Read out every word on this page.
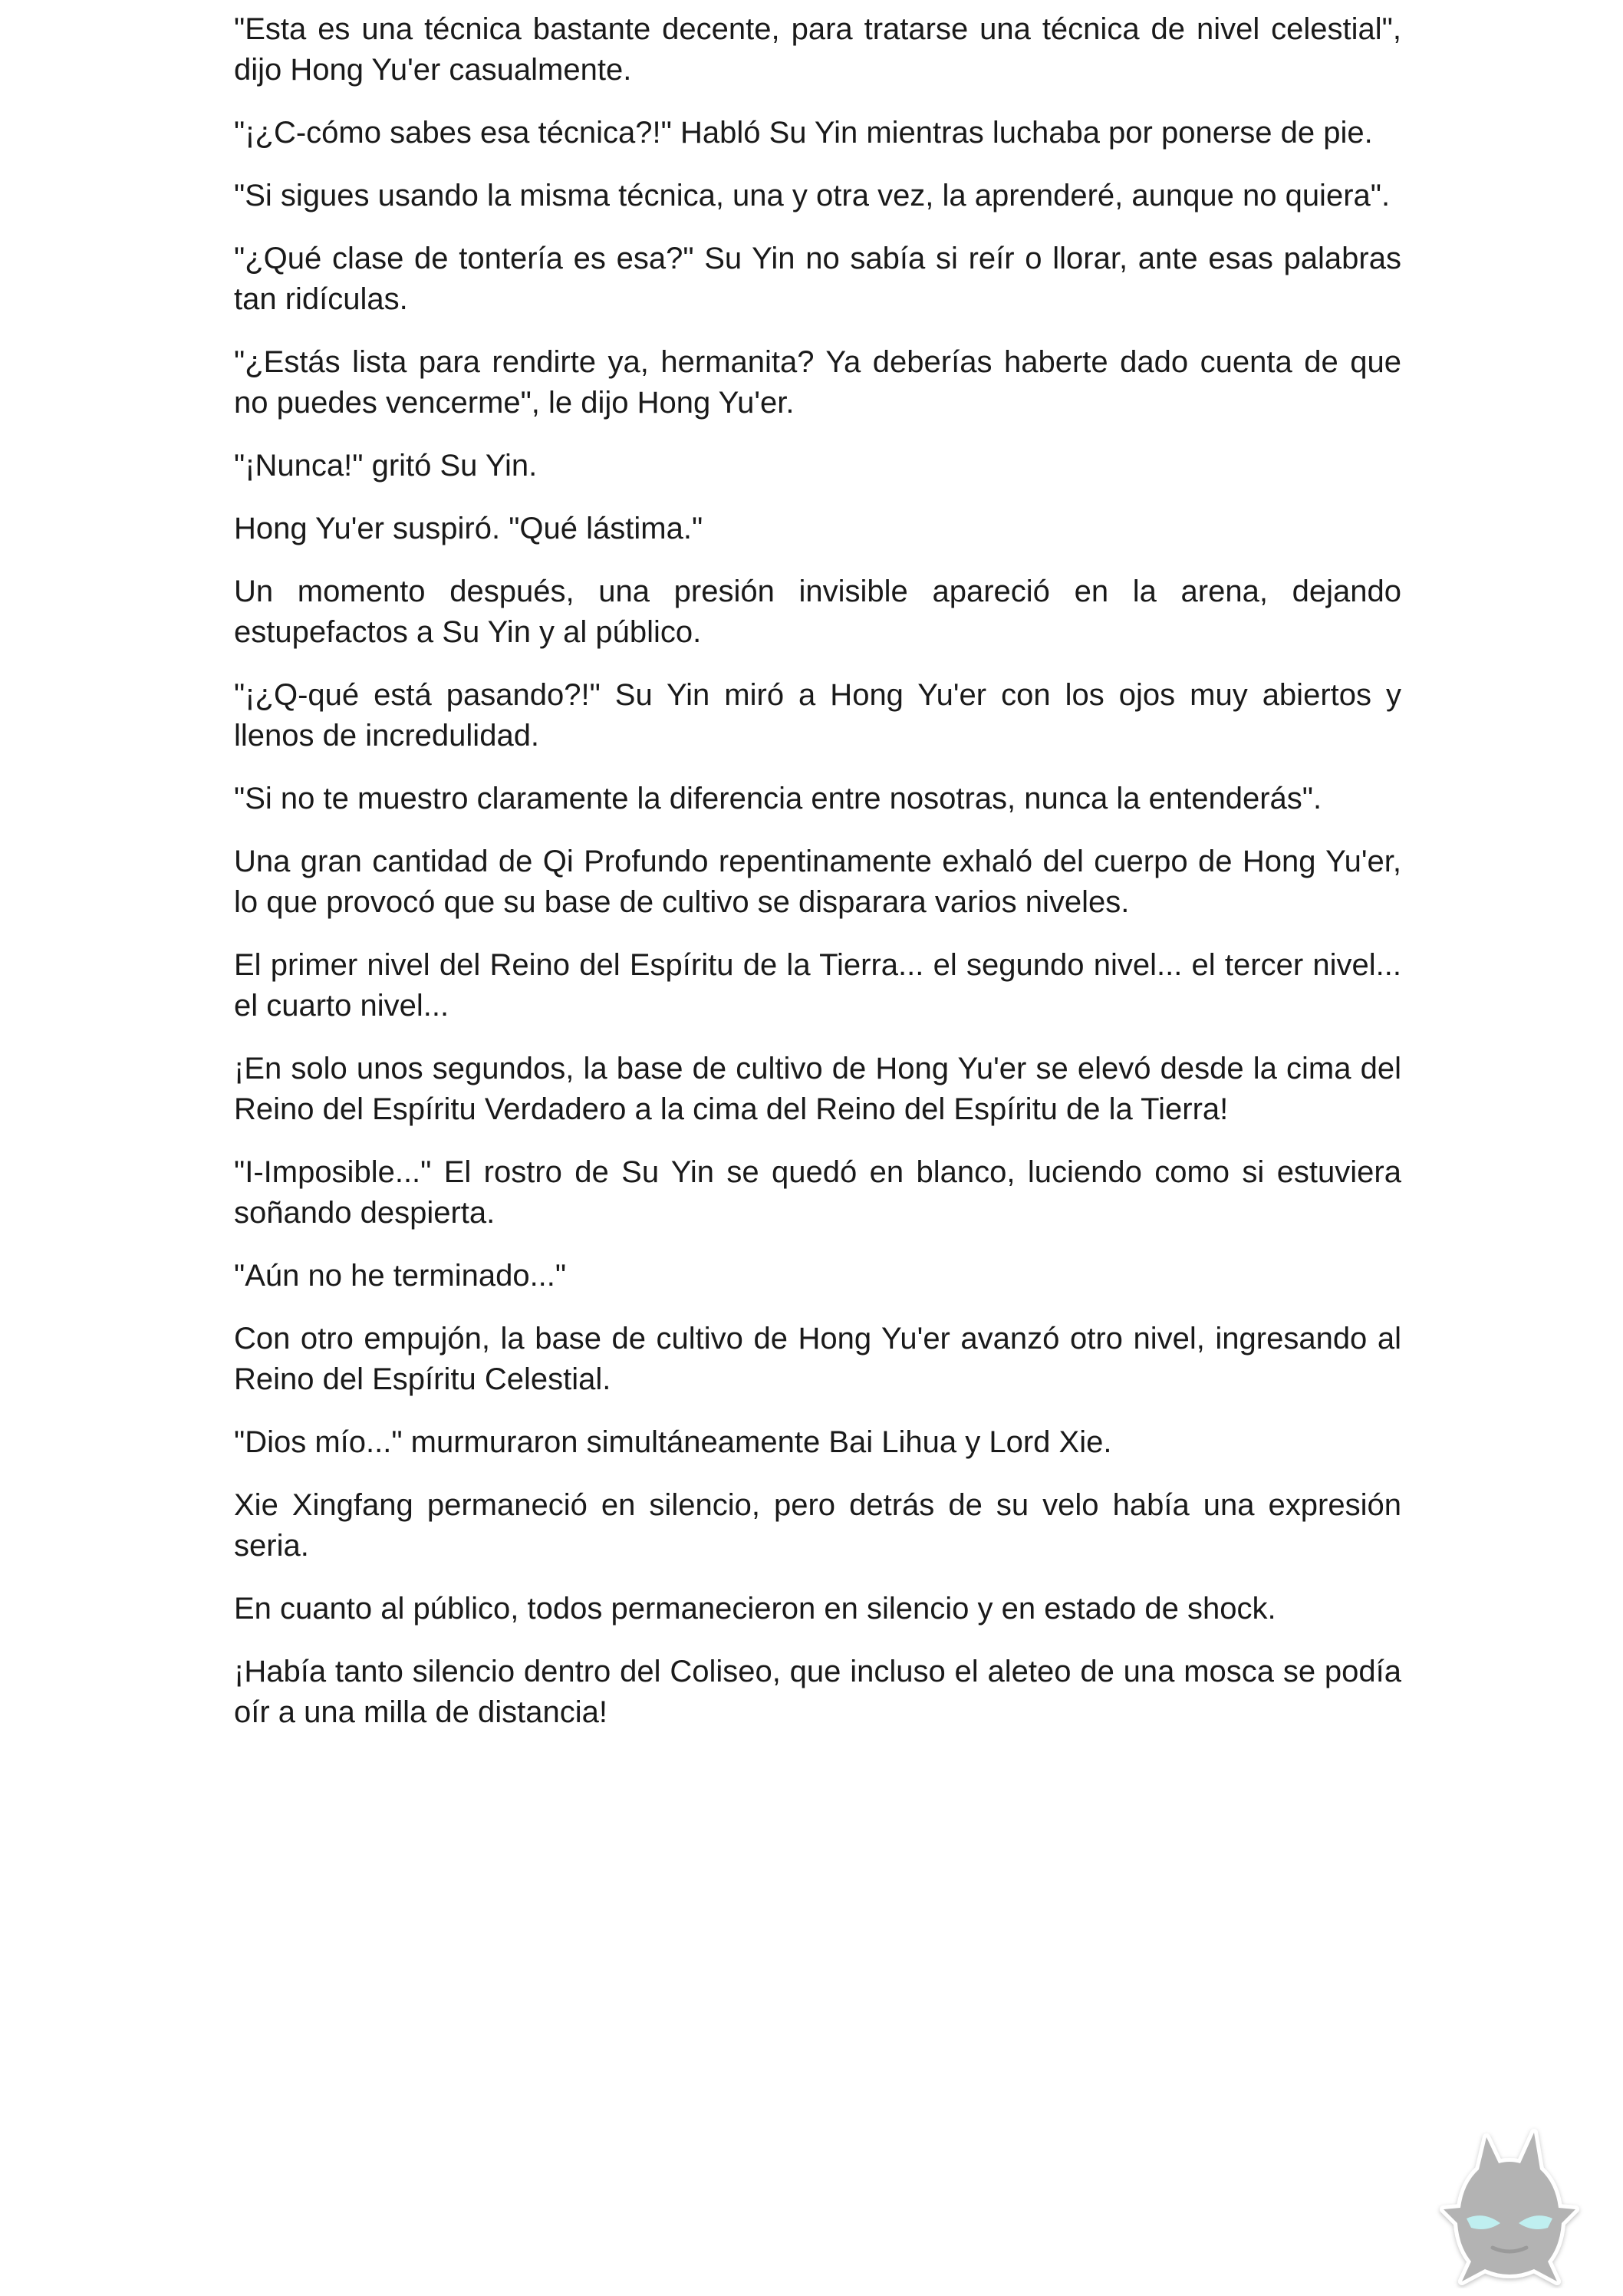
"Esta es una técnica bastante decente, para tratarse una técnica de nivel celestial", dijo Hong Yu'er casualmente.

"¡¿C-cómo sabes esa técnica?!" Habló Su Yin mientras luchaba por ponerse de pie.

"Si sigues usando la misma técnica, una y otra vez, la aprenderé, aunque no quiera".

"¿Qué clase de tontería es esa?" Su Yin no sabía si reír o llorar, ante esas palabras tan ridículas.

"¿Estás lista para rendirte ya, hermanita? Ya deberías haberte dado cuenta de que no puedes vencerme", le dijo Hong Yu'er.

"¡Nunca!" gritó Su Yin.

Hong Yu'er suspiró. "Qué lástima."

Un momento después, una presión invisible apareció en la arena, dejando estupefactos a Su Yin y al público.

"¡¿Q-qué está pasando?!" Su Yin miró a Hong Yu'er con los ojos muy abiertos y llenos de incredulidad.

"Si no te muestro claramente la diferencia entre nosotras, nunca la entenderás".

Una gran cantidad de Qi Profundo repentinamente exhaló del cuerpo de Hong Yu'er, lo que provocó que su base de cultivo se disparara varios niveles.

El primer nivel del Reino del Espíritu de la Tierra... el segundo nivel... el tercer nivel... el cuarto nivel...

¡En solo unos segundos, la base de cultivo de Hong Yu'er se elevó desde la cima del Reino del Espíritu Verdadero a la cima del Reino del Espíritu de la Tierra!

"I-Imposible..." El rostro de Su Yin se quedó en blanco, luciendo como si estuviera soñando despierta.

"Aún no he terminado..."

Con otro empujón, la base de cultivo de Hong Yu'er avanzó otro nivel, ingresando al Reino del Espíritu Celestial.

"Dios mío..." murmuraron simultáneamente Bai Lihua y Lord Xie.

Xie Xingfang permaneció en silencio, pero detrás de su velo había una expresión seria.

En cuanto al público, todos permanecieron en silencio y en estado de shock.

¡Había tanto silencio dentro del Coliseo, que incluso el aleteo de una mosca se podía oír a una milla de distancia!
